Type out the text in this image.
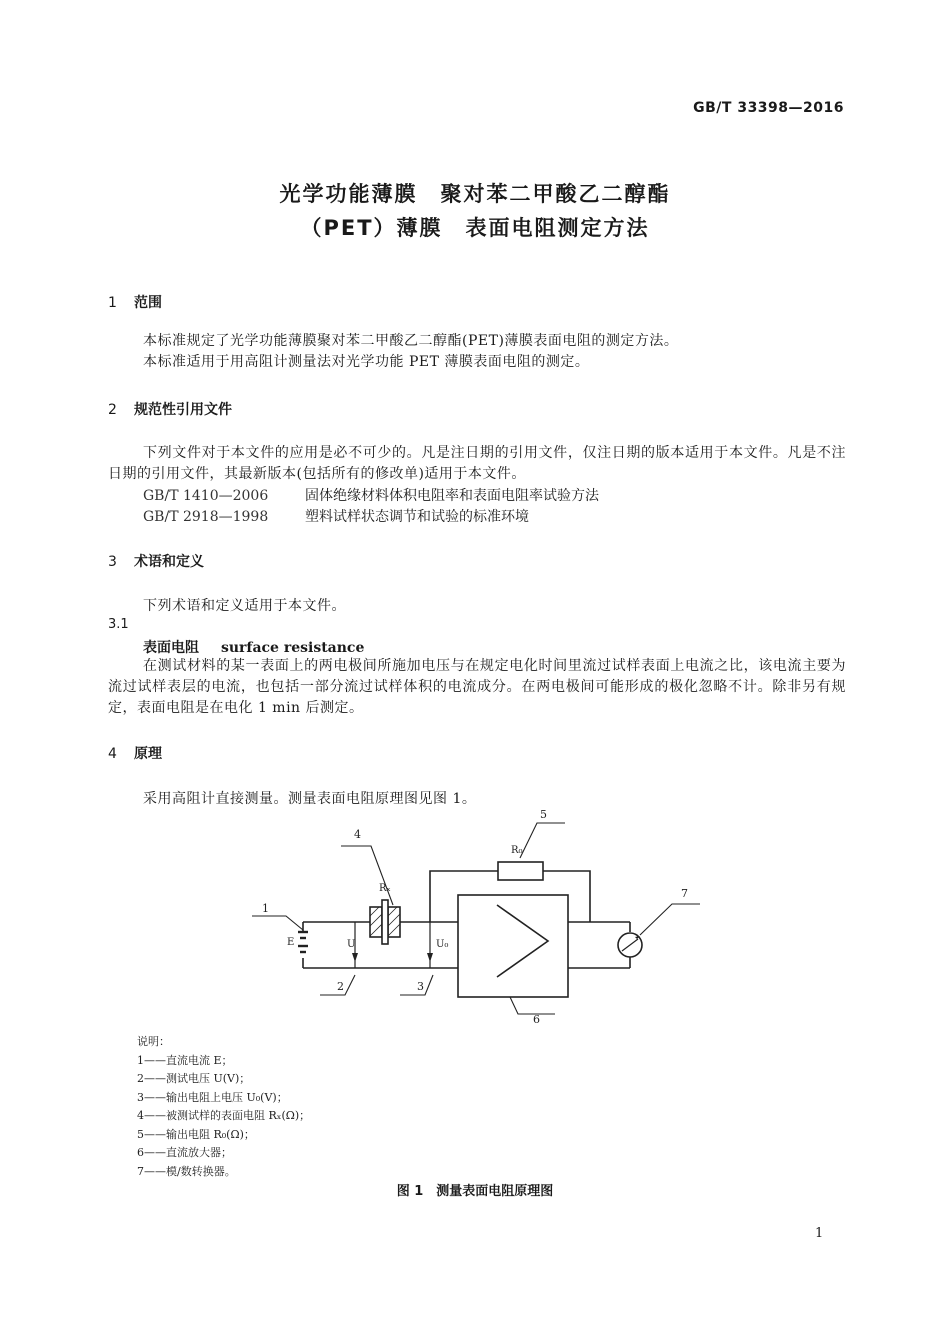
GB/T 33398—2016
光学功能薄膜　聚对苯二甲酸乙二醇酯
（PET）薄膜　表面电阻测定方法
1 范围
本标准规定了光学功能薄膜聚对苯二甲酸乙二醇酯(PET)薄膜表面电阻的测定方法。
本标准适用于用高阻计测量法对光学功能 PET 薄膜表面电阻的测定。
2 规范性引用文件
下列文件对于本文件的应用是必不可少的。凡是注日期的引用文件，仅注日期的版本适用于本文件。凡是不注日期的引用文件，其最新版本(包括所有的修改单)适用于本文件。
GB/T 1410—2006	固体绝缘材料体积电阻率和表面电阻率试验方法
GB/T 2918—1998	塑料试样状态调节和试验的标准环境
3 术语和定义
下列术语和定义适用于本文件。
3.1
表面电阻 surface resistance
在测试材料的某一表面上的两电极间所施加电压与在规定电化时间里流过试样表面上电流之比，该电流主要为流过试样表层的电流，也包括一部分流过试样体积的电流成分。在两电极间可能形成的极化忽略不计。除非另有规定，表面电阻是在电化 1 min 后测定。
4 原理
采用高阻计直接测量。测量表面电阻原理图见图 1。
1
2	3
4
5
6
7
E	U	U₀
Rₓ
R₀
说明：
1——直流电流 E；
2——测试电压 U(V)；
3——输出电阻上电压 U₀(V)；
4——被测试样的表面电阻 Rₓ(Ω)；
5——输出电阻 R₀(Ω)；
6——直流放大器；
7——模/数转换器。
图 1　测量表面电阻原理图
1
